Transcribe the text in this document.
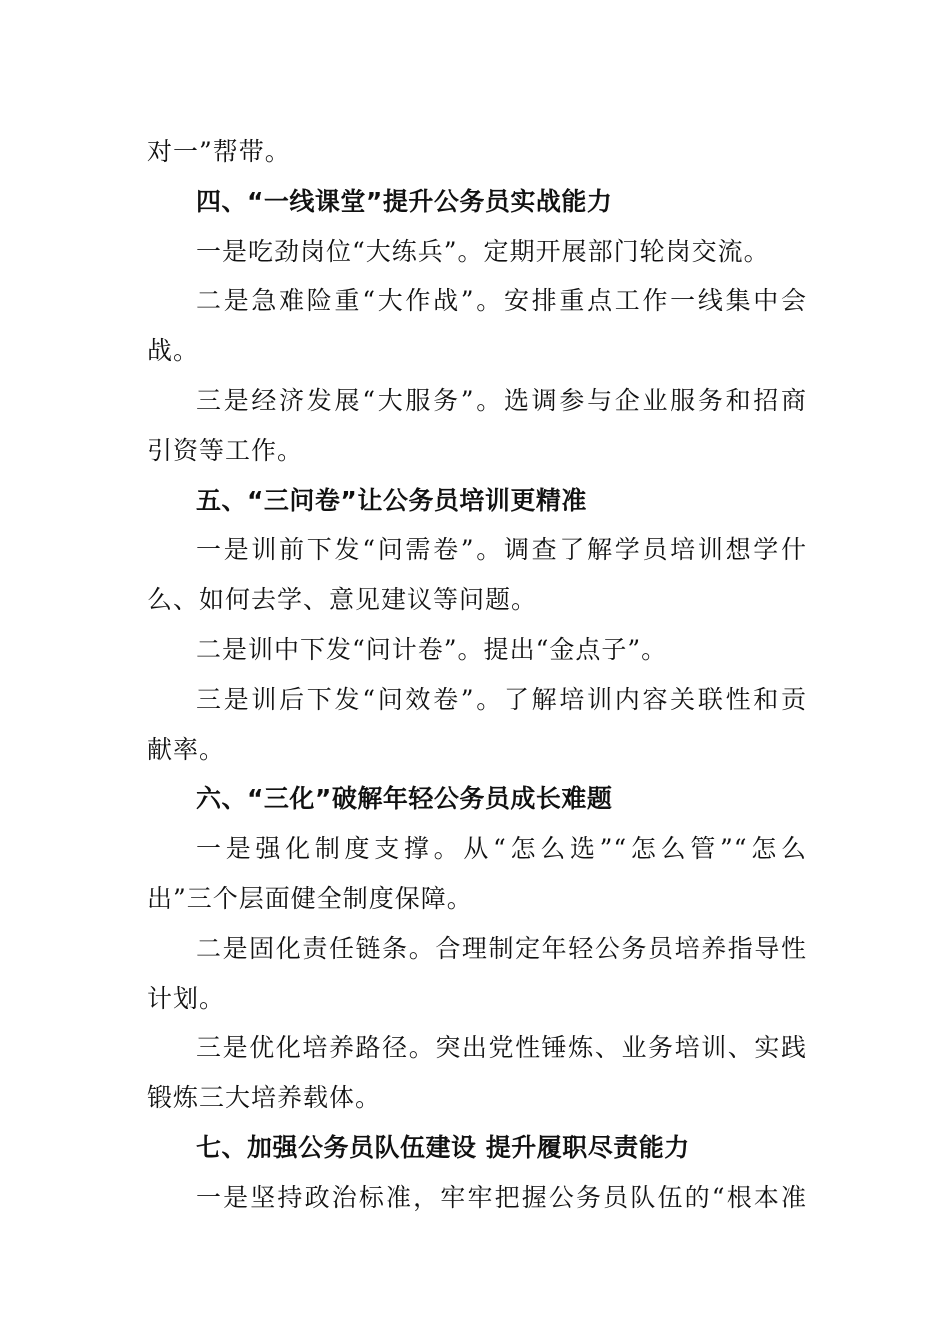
对一”帮带。
四、“一线课堂”提升公务员实战能力
一是吃劲岗位“大练兵”。定期开展部门轮岗交流。
二是急难险重“大作战”。安排重点工作一线集中会
战。
三是经济发展“大服务”。选调参与企业服务和招商
引资等工作。
五、“三问卷”让公务员培训更精准
一是训前下发“问需卷”。调查了解学员培训想学什
么、如何去学、意见建议等问题。
二是训中下发“问计卷”。提出“金点子”。
三是训后下发“问效卷”。了解培训内容关联性和贡
献率。
六、“三化”破解年轻公务员成长难题
一是强化制度支撑。从“怎么选”“怎么管”“怎么
出”三个层面健全制度保障。
二是固化责任链条。合理制定年轻公务员培养指导性
计划。
三是优化培养路径。突出党性锤炼、业务培训、实践
锻炼三大培养载体。
七、加强公务员队伍建设 提升履职尽责能力
一是坚持政治标准，牢牢把握公务员队伍的“根本准
